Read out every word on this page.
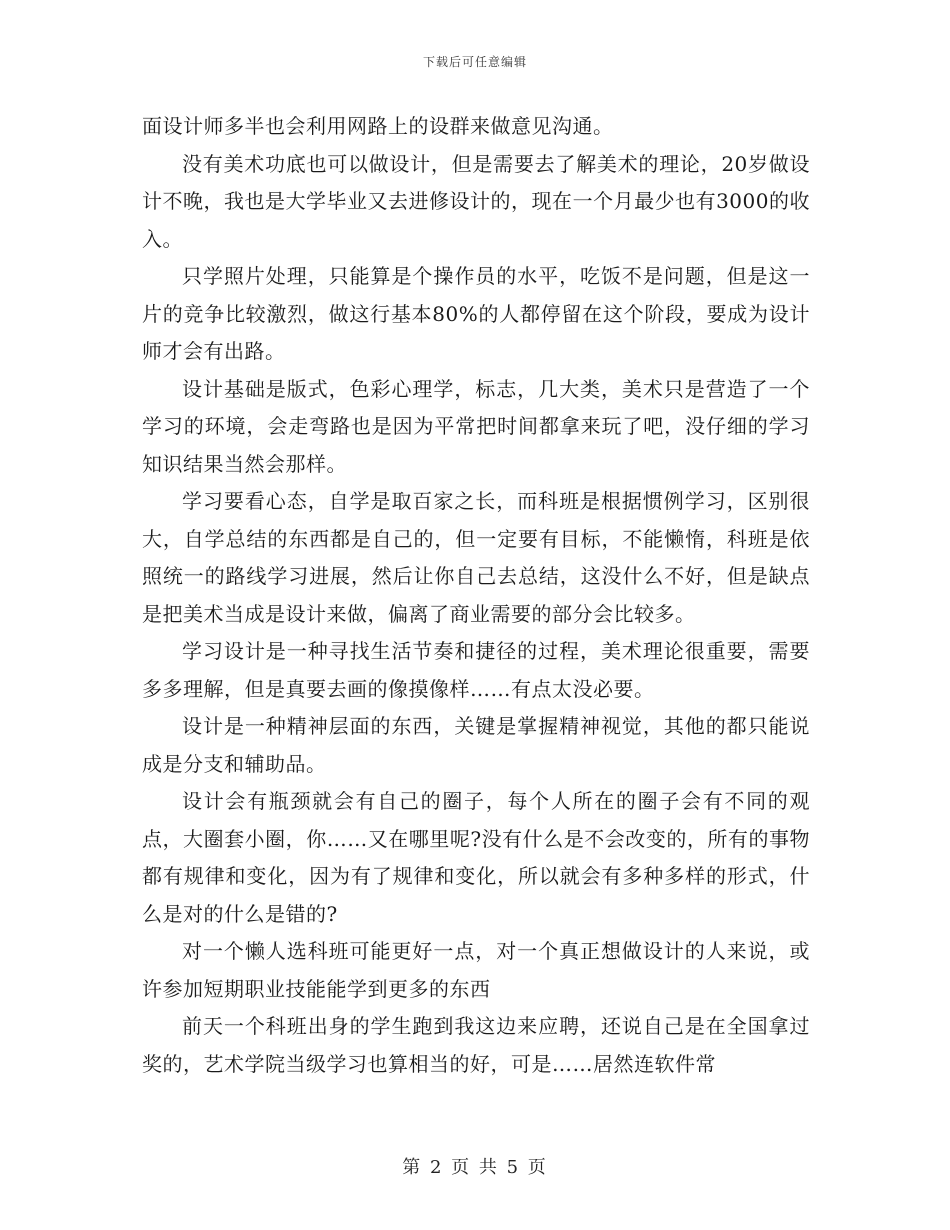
下载后可任意编辑

面设计师多半也会利用网路上的设群来做意见沟通。

没有美术功底也可以做设计，但是需要去了解美术的理论，20岁做设计不晚，我也是大学毕业又去进修设计的，现在一个月最少也有3000的收入。

只学照片处理，只能算是个操作员的水平，吃饭不是问题，但是这一片的竞争比较激烈，做这行基本80%的人都停留在这个阶段，要成为设计师才会有出路。

设计基础是版式，色彩心理学，标志，几大类，美术只是营造了一个学习的环境，会走弯路也是因为平常把时间都拿来玩了吧，没仔细的学习知识结果当然会那样。

学习要看心态，自学是取百家之长，而科班是根据惯例学习，区别很大，自学总结的东西都是自己的，但一定要有目标，不能懒惰，科班是依照统一的路线学习进展，然后让你自己去总结，这没什么不好，但是缺点是把美术当成是设计来做，偏离了商业需要的部分会比较多。

学习设计是一种寻找生活节奏和捷径的过程，美术理论很重要，需要多多理解，但是真要去画的像摸像样……有点太没必要。

设计是一种精神层面的东西，关键是掌握精神视觉，其他的都只能说成是分支和辅助品。

设计会有瓶颈就会有自己的圈子，每个人所在的圈子会有不同的观点，大圈套小圈，你……又在哪里呢?没有什么是不会改变的，所有的事物都有规律和变化，因为有了规律和变化，所以就会有多种多样的形式，什么是对的什么是错的?

对一个懒人选科班可能更好一点，对一个真正想做设计的人来说，或许参加短期职业技能能学到更多的东西

前天一个科班出身的学生跑到我这边来应聘，还说自己是在全国拿过奖的，艺术学院当级学习也算相当的好，可是……居然连软件常

第 2 页 共 5 页
